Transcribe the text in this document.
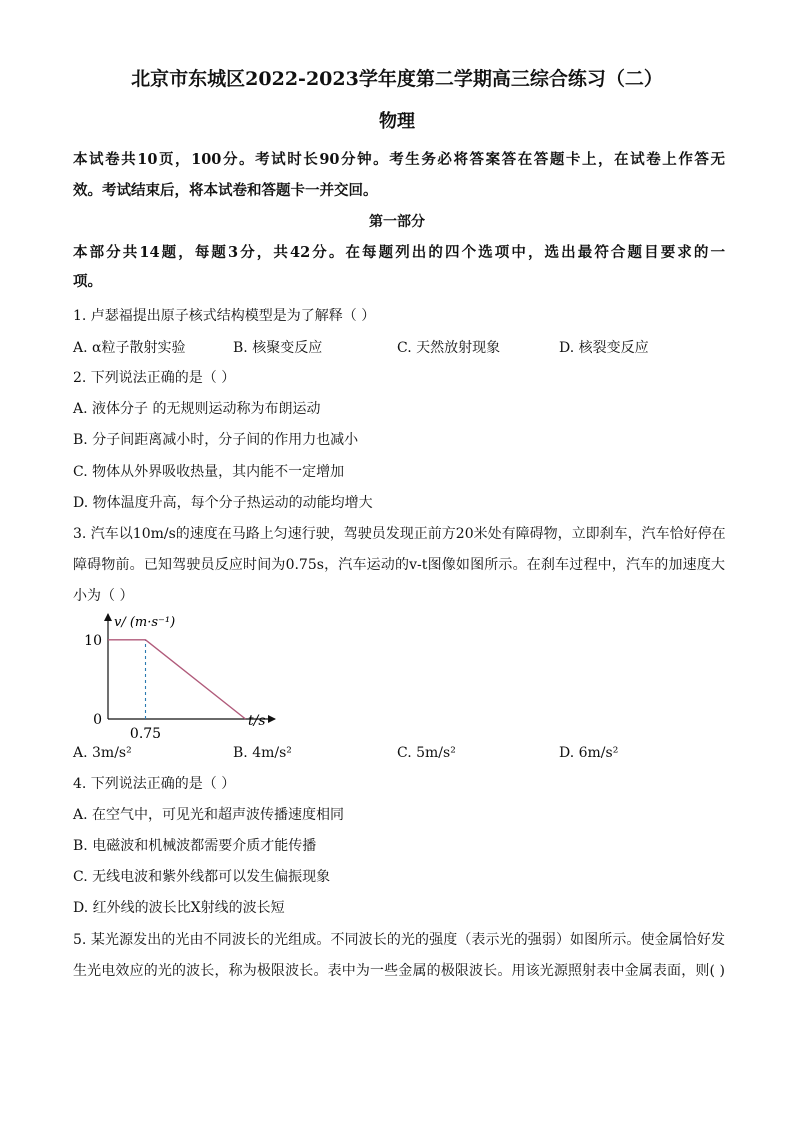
北京市东城区2022-2023学年度第二学期高三综合练习（二）
物理
本试卷共10页，100分。考试时长90分钟。考生务必将答案答在答题卡上，在试卷上作答无
效。考试结束后，将本试卷和答题卡一并交回。
第一部分
本部分共14题，每题3分，共42分。在每题列出的四个选项中，选出最符合题目要求的一
项。
1. 卢瑟福提出原子核式结构模型是为了解释（ ）
A. α粒子散射实验	B. 核聚变反应	C. 天然放射现象	D. 核裂变反应
2. 下列说法正确的是（ ）
A. 液体分子 的无规则运动称为布朗运动
B. 分子间距离减小时，分子间的作用力也减小
C. 物体从外界吸收热量，其内能不一定增加
D. 物体温度升高，每个分子热运动的动能均增大
3. 汽车以10m/s的速度在马路上匀速行驶，驾驶员发现正前方20米处有障碍物，立即刹车，汽车恰好停在
障碍物前。已知驾驶员反应时间为0.75s，汽车运动的v-t图像如图所示。在刹车过程中，汽车的加速度大
小为（ ）
v/ (m·s⁻¹)
10
0
0.75
t/s
A. 3m/s²	B. 4m/s²	C. 5m/s²	D. 6m/s²
4. 下列说法正确的是（ ）
A. 在空气中，可见光和超声波传播速度相同
B. 电磁波和机械波都需要介质才能传播
C. 无线电波和紫外线都可以发生偏振现象
D. 红外线的波长比X射线的波长短
5. 某光源发出的光由不同波长的光组成。不同波长的光的强度（表示光的强弱）如图所示。使金属恰好发
生光电效应的光的波长，称为极限波长。表中为一些金属的极限波长。用该光源照射表中金属表面，则( )
